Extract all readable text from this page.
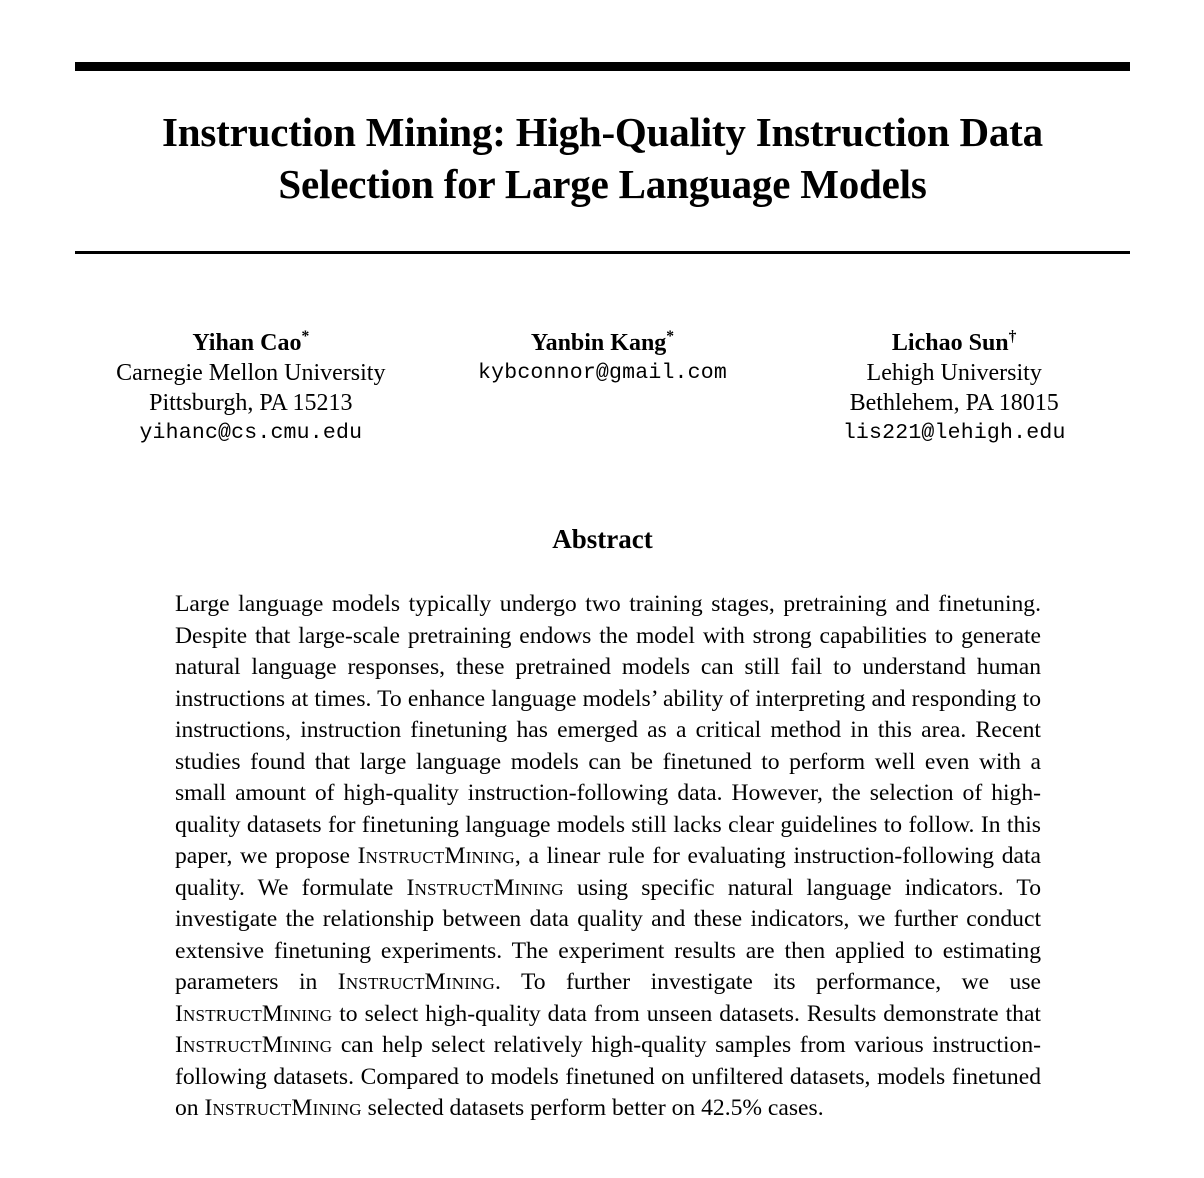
Instruction Mining: High-Quality Instruction Data
Selection for Large Language Models
Yihan Cao*
Carnegie Mellon University
Pittsburgh, PA 15213
yihanc@cs.cmu.edu
Yanbin Kang*
kybconnor@gmail.com
Lichao Sun†
Lehigh University
Bethlehem, PA 18015
lis221@lehigh.edu
Abstract
Large language models typically undergo two training stages, pretraining and finetuning. Despite that large-scale pretraining endows the model with strong capabilities to generate natural language responses, these pretrained models can still fail to understand human instructions at times. To enhance language models’ ability of interpreting and responding to instructions, instruction finetuning has emerged as a critical method in this area. Recent studies found that large language models can be finetuned to perform well even with a small amount of high-quality instruction-following data. However, the selection of high-quality datasets for finetuning language models still lacks clear guidelines to follow. In this paper, we propose InstructMining, a linear rule for evaluating instruction-following data quality. We formulate InstructMining using specific natural language indicators. To investigate the relationship between data quality and these indicators, we further conduct extensive finetuning experiments. The experiment results are then applied to estimating parameters in InstructMining. To further investigate its performance, we use InstructMining to select high-quality data from unseen datasets. Results demonstrate that InstructMining can help select relatively high-quality samples from various instruction-following datasets. Compared to models finetuned on unfiltered datasets, models finetuned on InstructMining selected datasets perform better on 42.5% cases.
